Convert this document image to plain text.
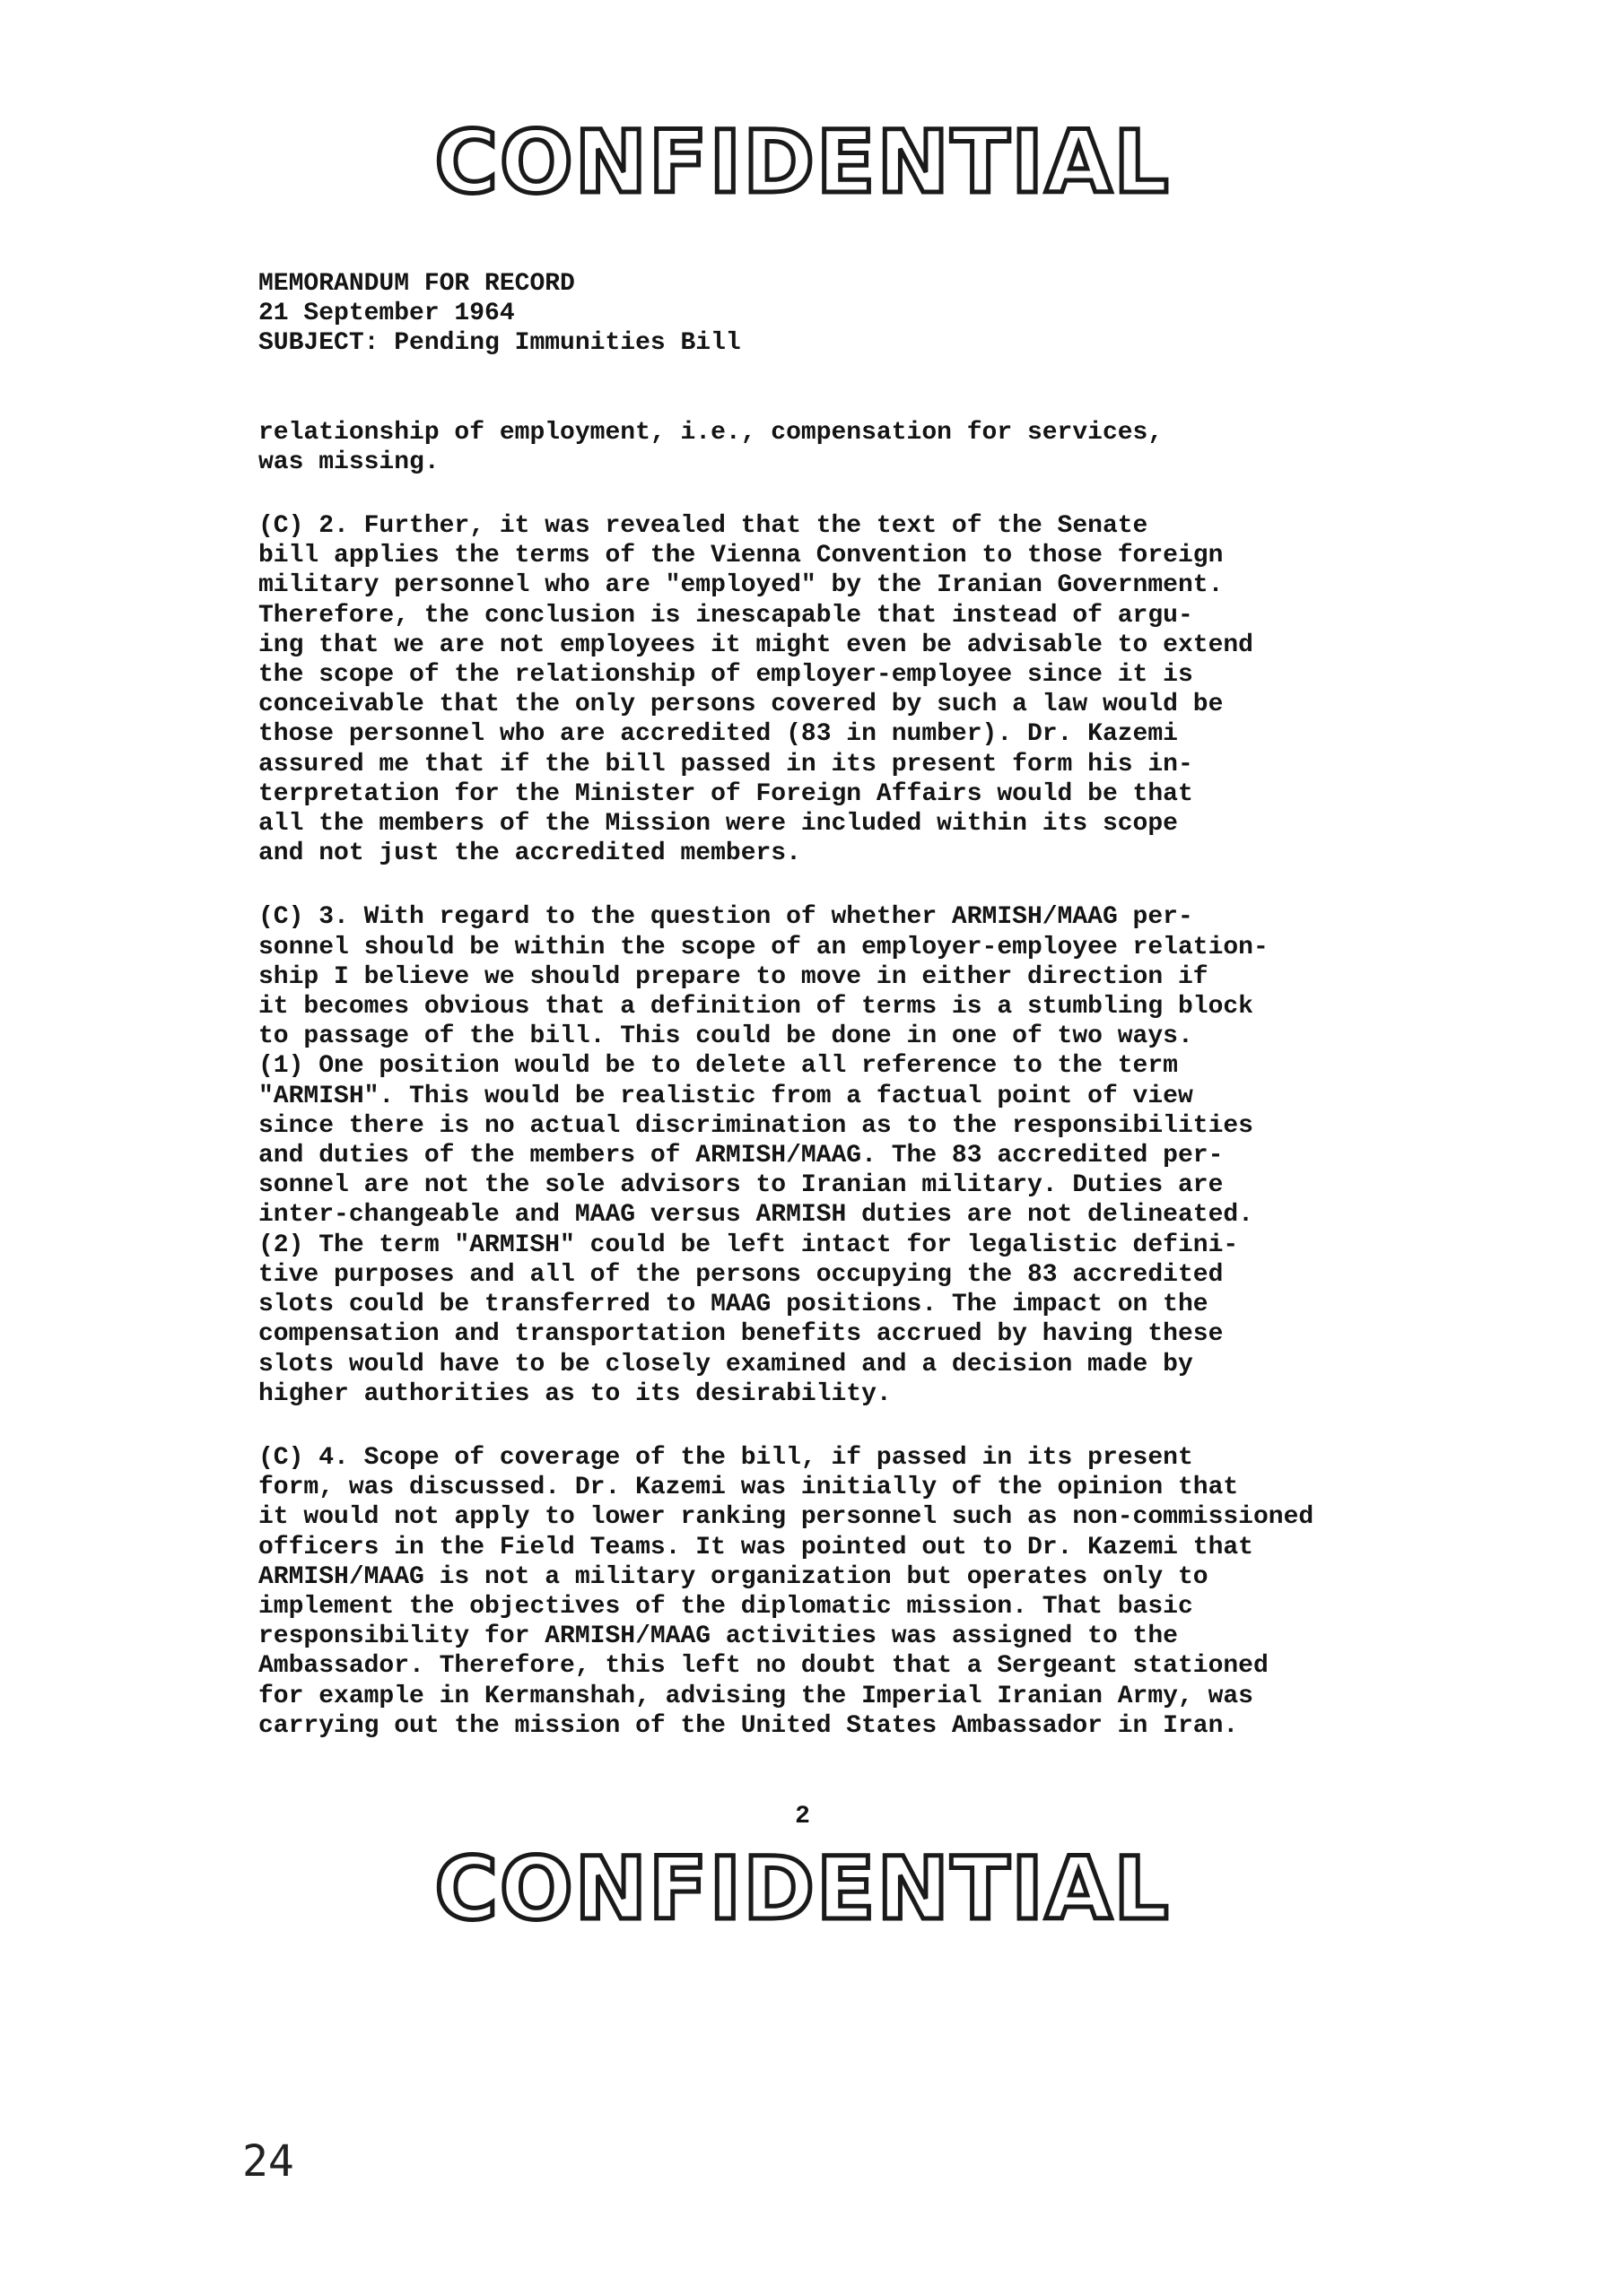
CONFIDENTIAL

MEMORANDUM FOR RECORD

21 September 1964

SUBJECT: Pending Immunities Bill

relationship of employment, i.e., compensation for services,

was missing.

(C) 2. Further, it was revealed that the text of the Senate

bill applies the terms of the Vienna Convention to those foreign

military personnel who are "employed" by the Iranian Government.

Therefore, the conclusion is inescapable that instead of argu-

ing that we are not employees it might even be advisable to extend

the scope of the relationship of employer-employee since it is

conceivable that the only persons covered by such a law would be

those personnel who are accredited (83 in number). Dr. Kazemi

assured me that if the bill passed in its present form his in-

terpretation for the Minister of Foreign Affairs would be that

all the members of the Mission were included within its scope

and not just the accredited members.

(C) 3. With regard to the question of whether ARMISH/MAAG per-

sonnel should be within the scope of an employer-employee relation-

ship I believe we should prepare to move in either direction if

it becomes obvious that a definition of terms is a stumbling block

to passage of the bill. This could be done in one of two ways.

(1) One position would be to delete all reference to the term

"ARMISH". This would be realistic from a factual point of view

since there is no actual discrimination as to the responsibilities

and duties of the members of ARMISH/MAAG. The 83 accredited per-

sonnel are not the sole advisors to Iranian military. Duties are

inter-changeable and MAAG versus ARMISH duties are not delineated.

(2) The term "ARMISH" could be left intact for legalistic defini-

tive purposes and all of the persons occupying the 83 accredited

slots could be transferred to MAAG positions. The impact on the

compensation and transportation benefits accrued by having these

slots would have to be closely examined and a decision made by

higher authorities as to its desirability.

(C) 4. Scope of coverage of the bill, if passed in its present

form, was discussed. Dr. Kazemi was initially of the opinion that

it would not apply to lower ranking personnel such as non-commissioned

officers in the Field Teams. It was pointed out to Dr. Kazemi that

ARMISH/MAAG is not a military organization but operates only to

implement the objectives of the diplomatic mission. That basic

responsibility for ARMISH/MAAG activities was assigned to the

Ambassador. Therefore, this left no doubt that a Sergeant stationed

for example in Kermanshah, advising the Imperial Iranian Army, was

carrying out the mission of the United States Ambassador in Iran.

2
CONFIDENTIAL
24
